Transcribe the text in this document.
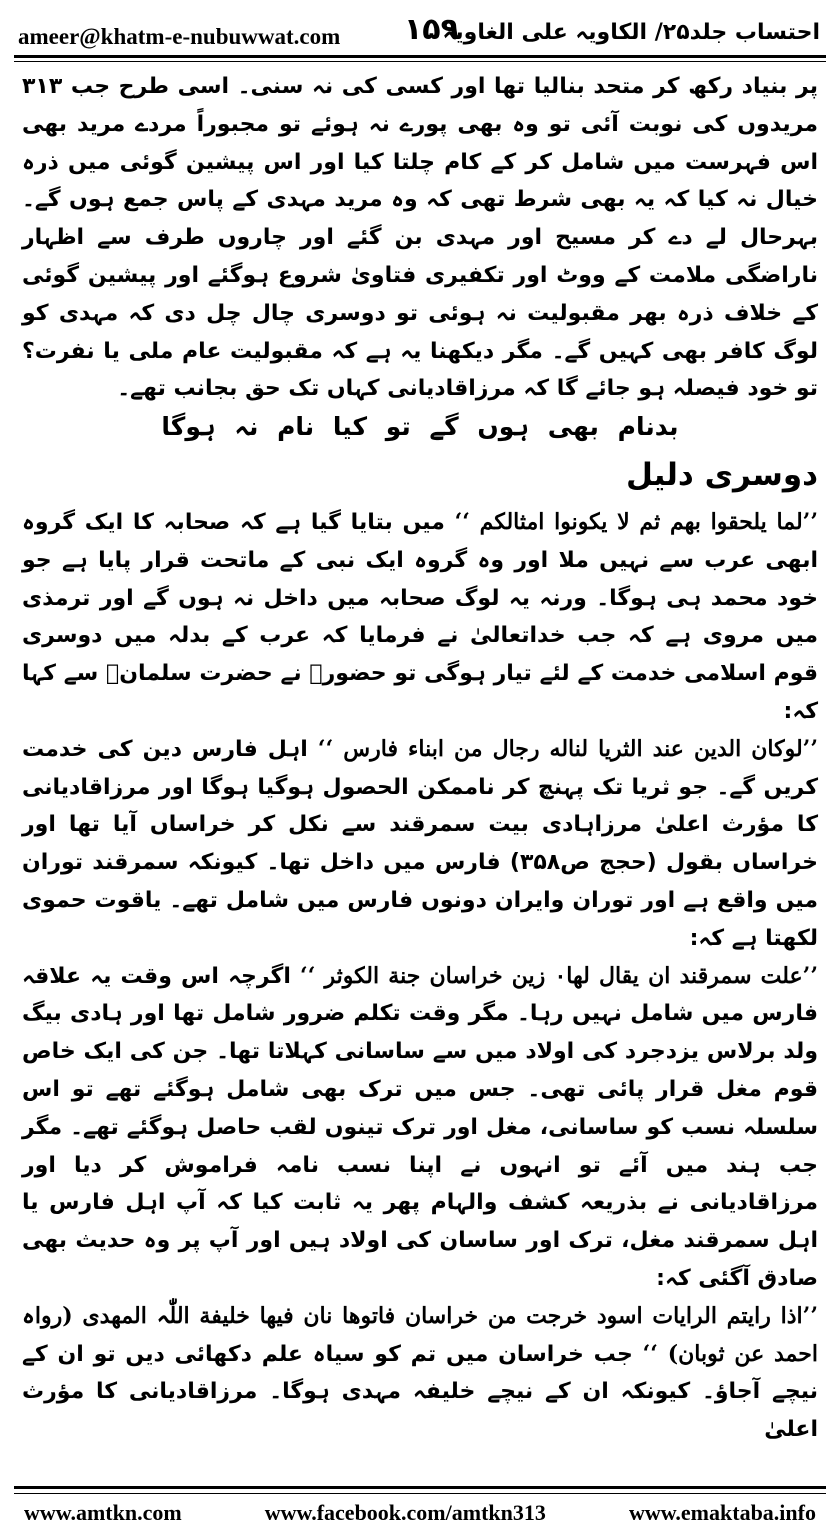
ameer@khatm-e-nubuwwat.com ۱۵۹
احتساب جلد۲۵/ الکاویہ علی الغاویہ

پر بنیاد رکھ کر متحد بنالیا تھا اور کسی کی نہ سنی۔ اسی طرح جب ۳۱۳ مریدوں کی نوبت آئی تو وہ بھی پورے نہ ہوئے تو مجبوراً مردے مرید بھی اس فہرست میں شامل کر کے کام چلتا کیا اور اس پیشین گوئی میں ذرہ خیال نہ کیا کہ یہ بھی شرط تھی کہ وہ مرید مہدی کے پاس جمع ہوں گے۔ بہرحال لے دے کر مسیح اور مہدی بن گئے اور چاروں طرف سے اظہار ناراضگی ملامت کے ووٹ اور تکفیری فتاویٰ شروع ہوگئے اور پیشین گوئی کے خلاف ذرہ بھر مقبولیت نہ ہوئی تو دوسری چال چل دی کہ مہدی کو لوگ کافر بھی کہیں گے۔ مگر دیکھنا یہ ہے کہ مقبولیت عام ملی یا نفرت؟ تو خود فیصلہ ہو جائے گا کہ مرزاقادیانی کہاں تک حق بجانب تھے۔

بدنام بھی ہوں گے تو کیا نام نہ ہوگا

دوسری دلیل

’’لما یلحقوا بھم ثم لا یکونوا امثالکم ‘‘ میں بتایا گیا ہے کہ صحابہ کا ایک گروہ ابھی عرب سے نہیں ملا اور وہ گروہ ایک نبی کے ماتحت قرار پایا ہے جو خود محمد ہی ہوگا۔ ورنہ یہ لوگ صحابہ میں داخل نہ ہوں گے اور ترمذی میں مروی ہے کہ جب خداتعالیٰ نے فرمایا کہ عرب کے بدلہ میں دوسری قوم اسلامی خدمت کے لئے تیار ہوگی تو حضورﷺ نے حضرت سلمانؓ سے کہا کہ:

’’لوکان الدین عند الثریا لناله رجال من ابناء فارس ‘‘ اہل فارس دین کی خدمت کریں گے۔ جو ثریا تک پہنچ کر ناممکن الحصول ہوگیا ہوگا اور مرزاقادیانی کا مؤرث اعلیٰ مرزاہادی بیت سمرقند سے نکل کر خراساں آیا تھا اور خراساں بقول (حجج ص۳۵۸) فارس میں داخل تھا۔ کیونکہ سمرقند توران میں واقع ہے اور توران وایران دونوں فارس میں شامل تھے۔ یاقوت حموی لکھتا ہے کہ:

’’علت سمرقند ان یقال لھا۰ زین خراسان جنة الکوثر ‘‘ اگرچہ اس وقت یہ علاقہ فارس میں شامل نہیں رہا۔ مگر وقت تکلم ضرور شامل تھا اور ہادی بیگ ولد برلاس یزدجرد کی اولاد میں سے ساسانی کہلاتا تھا۔ جن کی ایک خاص قوم مغل قرار پائی تھی۔ جس میں ترک بھی شامل ہوگئے تھے تو اس سلسلہ نسب کو ساسانی، مغل اور ترک تینوں لقب حاصل ہوگئے تھے۔ مگر جب ہند میں آئے تو انہوں نے اپنا نسب نامہ فراموش کر دیا اور مرزاقادیانی نے بذریعہ کشف والہام پھر یہ ثابت کیا کہ آپ اہل فارس یا اہل سمرقند مغل، ترک اور ساسان کی اولاد ہیں اور آپ پر وہ حدیث بھی صادق آگئی کہ:

’’اذا رایتم الرایات اسود خرجت من خراسان فاتوھا نان فیھا خلیفة اللّٰہ المھدی (رواہ احمد عن ثوبان) ‘‘ جب خراسان میں تم کو سیاہ علم دکھائی دیں تو ان کے نیچے آجاؤ۔ کیونکہ ان کے نیچے خلیفہ مہدی ہوگا۔ مرزاقادیانی کا مؤرث اعلیٰ

www.amtkn.com	www.facebook.com/amtkn313	www.emaktaba.info
